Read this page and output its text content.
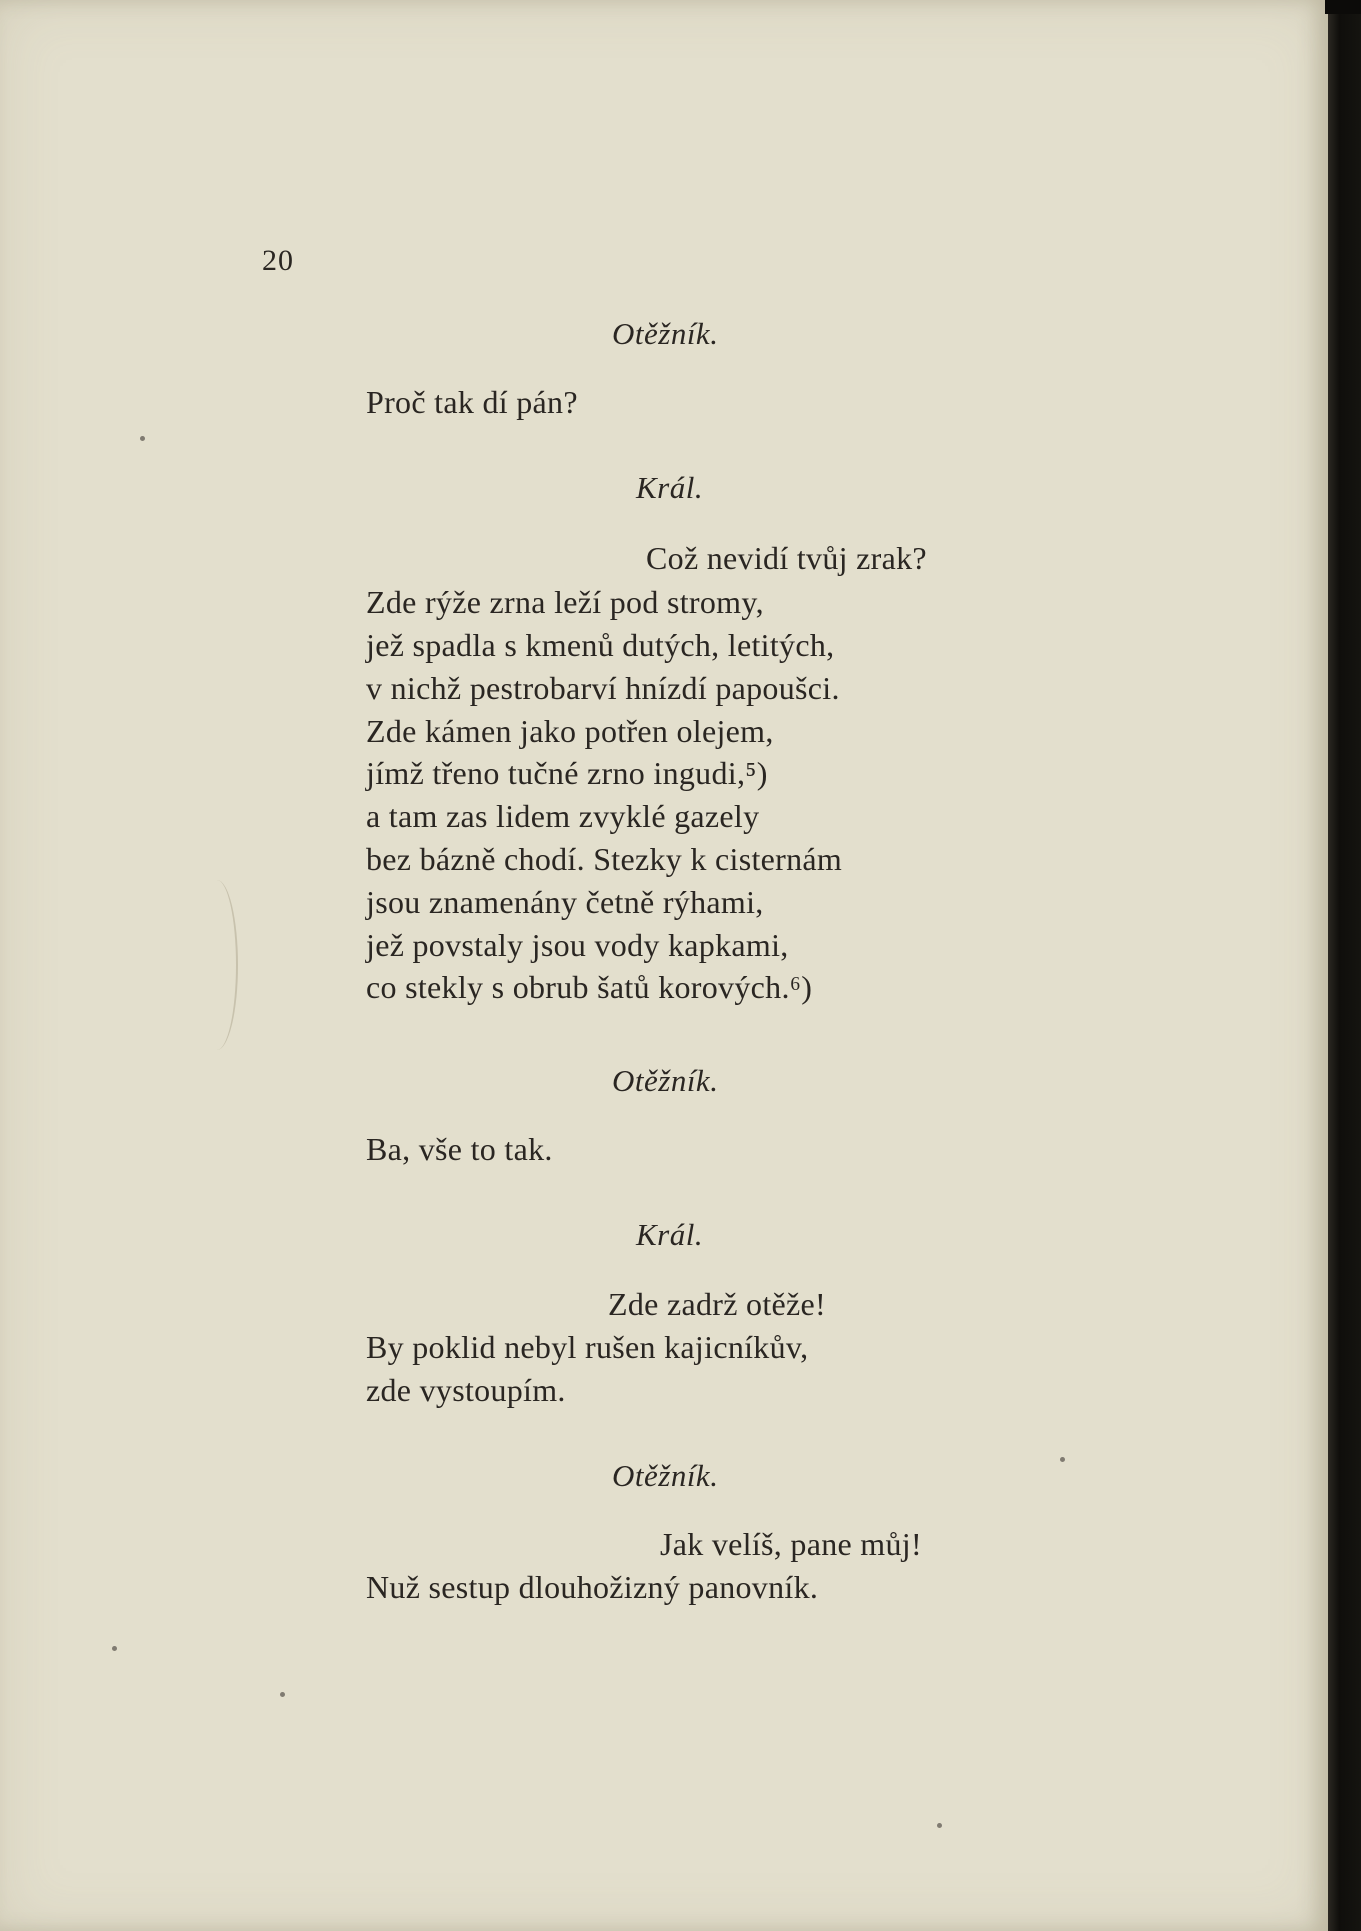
20
Otěžník.
Proč tak dí pán?
Král.
Což nevidí tvůj zrak?
Zde rýže zrna leží pod stromy,
jež spadla s kmenů dutých, letitých,
v nichž pestrobarví hnízdí papoušci.
Zde kámen jako potřen olejem,
jímž třeno tučné zrno ingudi,⁵)
a tam zas lidem zvyklé gazely
bez bázně chodí. Stezky k cisternám
jsou znamenány četně rýhami,
jež povstaly jsou vody kapkami,
co stekly s obrub šatů korových.⁶)
Otěžník.
Ba, vše to tak.
Král.
Zde zadrž otěže!
By poklid nebyl rušen kajicníkův,
zde vystoupím.
Otěžník.
Jak velíš, pane můj!
Nuž sestup dlouhožizný panovník.
